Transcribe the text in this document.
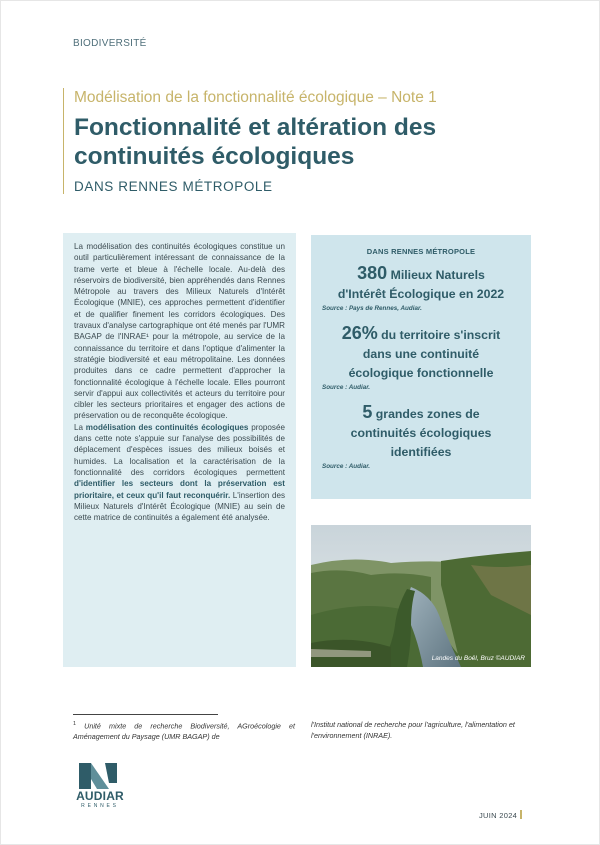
BIODIVERSITÉ
Modélisation de la fonctionnalité écologique – Note 1
Fonctionnalité et altération des
continuités écologiques
DANS RENNES MÉTROPOLE

La modélisation des continuités écologiques constitue un outil particulièrement intéressant de connaissance de la trame verte et bleue à l'échelle locale. Au-delà des réservoirs de biodiversité, bien appréhendés dans Rennes Métropole au travers des Milieux Naturels d'Intérêt Écologique (MNIE), ces approches permettent d'identifier et de qualifier finement les corridors écologiques. Des travaux d'analyse cartographique ont été menés par l'UMR BAGAP de l'INRAE¹ pour la métropole, au service de la connaissance du territoire et dans l'optique d'alimenter la stratégie biodiversité et eau métropolitaine. Les données produites dans ce cadre permettent d'approcher la fonctionnalité écologique à l'échelle locale. Elles pourront servir d'appui aux collectivités et acteurs du territoire pour cibler les secteurs prioritaires et engager des actions de préservation ou de reconquête écologique.

La modélisation des continuités écologiques proposée dans cette note s'appuie sur l'analyse des possibilités de déplacement d'espèces issues des milieux boisés et humides. La localisation et la caractérisation de la fonctionnalité des corridors écologiques permettent d'identifier les secteurs dont la préservation est prioritaire, et ceux qu'il faut reconquérir. L'insertion des Milieux Naturels d'Intérêt Écologique (MNIE) au sein de cette matrice de continuités a également été analysée.

DANS RENNES MÉTROPOLE
380 Milieux Naturels
d'Intérêt Écologique en 2022
Source : Pays de Rennes, Audiar.
26% du territoire s'inscrit
dans une continuité
écologique fonctionnelle
Source : Audiar.
5 grandes zones de
continuités écologiques
identifiées
Source : Audiar.
Landes du Boël, Bruz ©AUDIAR
$^1$ Unité mixte de recherche Biodiversité, AGroécologie et Aménagement du Paysage (UMR BAGAP) de
l'Institut national de recherche pour l'agriculture, l'alimentation et l'environnement (INRAE).
AUDIAR
RENNES
JUIN 2024
